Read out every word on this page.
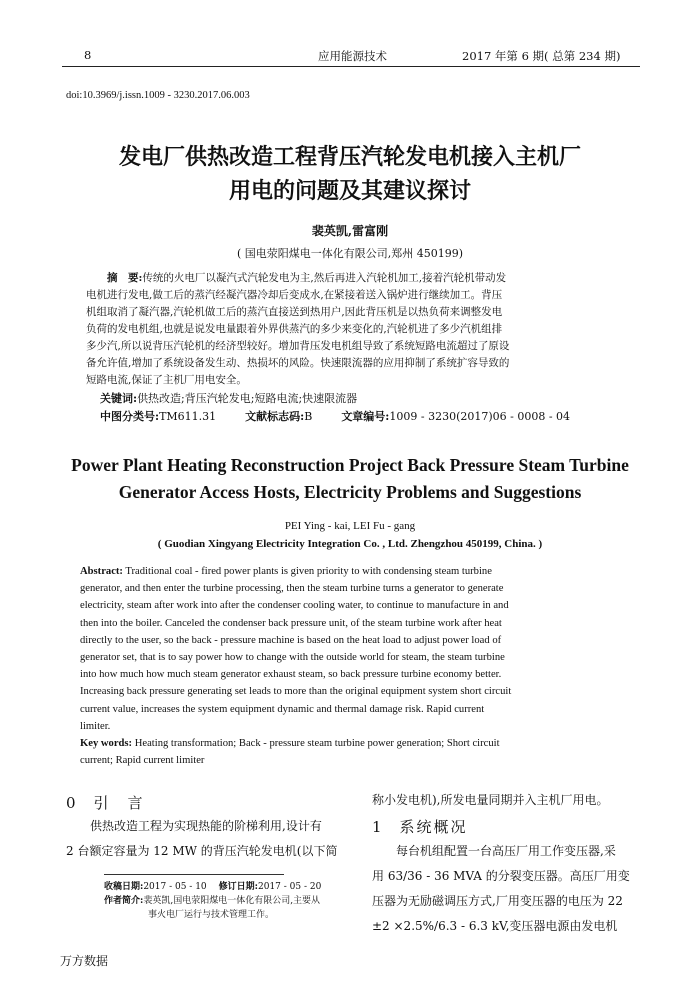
8	应用能源技术	2017 年第 6 期( 总第 234 期)
doi:10.3969/j.issn.1009 - 3230.2017.06.003
发电厂供热改造工程背压汽轮发电机接入主机厂
用电的问题及其建议探讨
裴英凯,雷富刚
( 国电荥阳煤电一体化有限公司,郑州 450199)
摘　要:传统的火电厂以凝汽式汽轮发电为主,然后再进入汽轮机加工,接着汽轮机带动发
电机进行发电,做工后的蒸汽经凝汽器冷却后变成水,在紧接着送入锅炉进行继续加工。背压
机组取消了凝汽器,汽轮机做工后的蒸汽直接送到热用户,因此背压机是以热负荷来调整发电
负荷的发电机组,也就是说发电量跟着外界供蒸汽的多少来变化的,汽轮机进了多少汽机组排
多少汽,所以说背压汽轮机的经济型较好。增加背压发电机组导致了系统短路电流超过了原设
备允许值,增加了系统设备发生动、热损坏的风险。快速限流器的应用抑制了系统扩容导致的
短路电流,保证了主机厂用电安全。
关键词:供热改造;背压汽轮发电;短路电流;快速限流器
中图分类号:TM611.31	文献标志码:B	文章编号:1009 - 3230(2017)06 - 0008 - 04
Power Plant Heating Reconstruction Project Back Pressure Steam Turbine
Generator Access Hosts, Electricity Problems and Suggestions
PEI Ying - kai, LEI Fu - gang
( Guodian Xingyang Electricity Integration Co. , Ltd. Zhengzhou 450199, China. )
Abstract: Traditional coal - fired power plants is given priority to with condensing steam turbine
generator, and then enter the turbine processing, then the steam turbine turns a generator to generate
electricity, steam after work into after the condenser cooling water, to continue to manufacture in and
then into the boiler. Canceled the condenser back pressure unit, of the steam turbine work after heat
directly to the user, so the back - pressure machine is based on the heat load to adjust power load of
generator set, that is to say power how to change with the outside world for steam, the steam turbine
into how much how much steam generator exhaust steam, so back pressure turbine economy better.
Increasing back pressure generating set leads to more than the original equipment system short circuit
current value, increases the system equipment dynamic and thermal damage risk. Rapid current
limiter.
Key words: Heating transformation; Back - pressure steam turbine power generation; Short circuit
current; Rapid current limiter
0 引　言
供热改造工程为实现热能的阶梯利用,设计有
2 台额定容量为 12 MW 的背压汽轮发电机(以下简
收稿日期:2017 - 05 - 10 修订日期:2017 - 05 - 20
作者简介:裴英凯,国电荥阳煤电一体化有限公司,主要从
事火电厂运行与技术管理工作。
称小发电机),所发电量同期并入主机厂用电。
1 系统概况
每台机组配置一台高压厂用工作变压器,采
用 63/36 - 36 MVA 的分裂变压器。高压厂用变
压器为无励磁调压方式,厂用变压器的电压为 22
±2 ×2.5%/6.3 - 6.3 kV,变压器电源由发电机
万方数据
